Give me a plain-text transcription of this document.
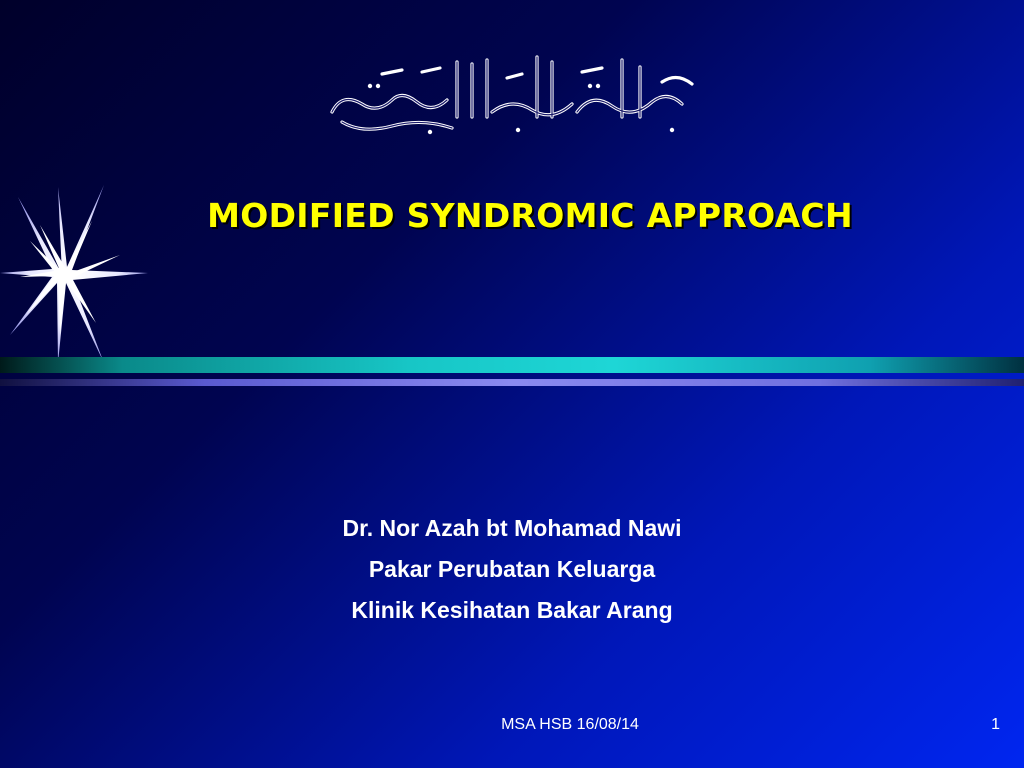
MODIFIED SYNDROMIC APPROACH
Dr. Nor Azah bt Mohamad Nawi
Pakar Perubatan Keluarga
Klinik Kesihatan Bakar Arang
MSA HSB 16/08/14	1
